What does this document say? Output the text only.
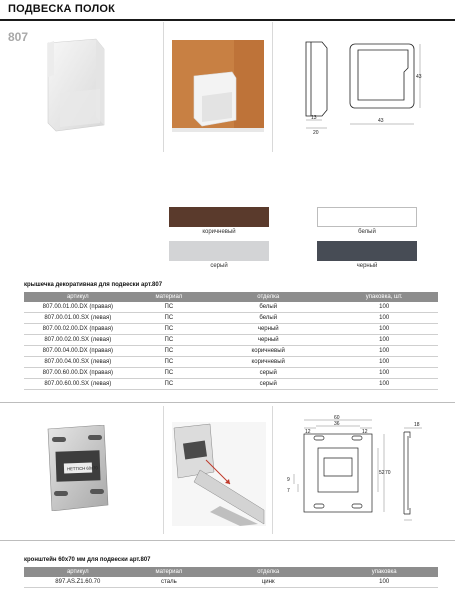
ПОДВЕСКА ПОЛОК
807
13
20
43
43
коричневый	белый
серый	черный
крышечка декоративная для подвески арт.807
артикул	материал	отделка	упаковка, шт.
807.00.01.00.DX (правая)	ПС	белый	100
807.00.01.00.SX (левая)	ПС	белый	100
807.00.02.00.DX (правая)	ПС	черный	100
807.00.02.00.SX (левая)	ПС	черный	100
807.00.04.00.DX (правая)	ПС	коричневый	100
807.00.04.00.SX (левая)	ПС	коричневый	100
807.00.60.00.DX (правая)	ПС	серый	100
807.00.60.00.SX (левая)	ПС	серый	100
HETTICH 60x70
60
36
12	12
70
52
9
7
18
кронштейн 60х70 мм для подвески арт.807
артикул	материал	отделка	упаковка
897.AS.Z1.60.70	сталь	цинк	100
